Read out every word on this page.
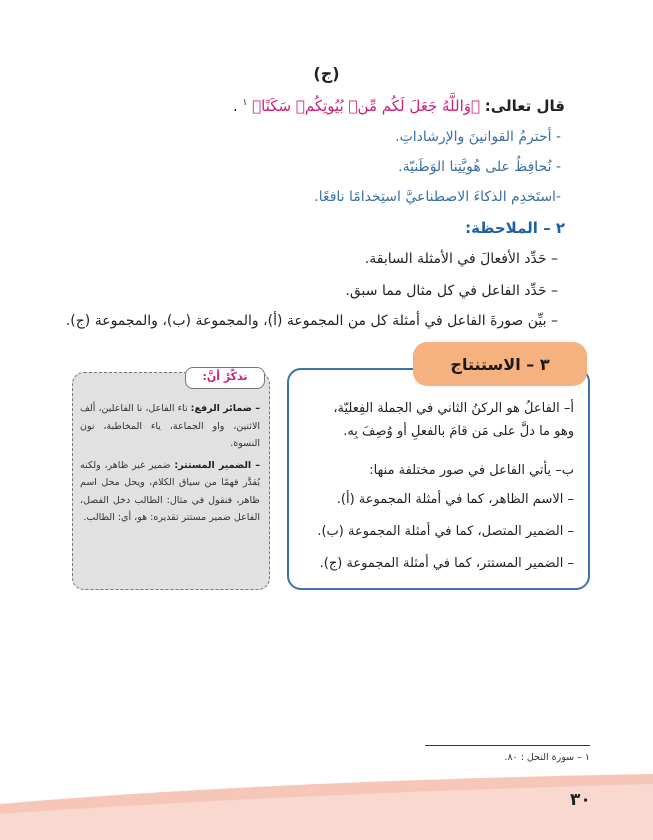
(ج)
قال تعالى: ﴿وَاللَّهُ جَعَلَ لَكُم مِّنۢ بُيُوتِكُمۡ سَكَنًا﴾ $^١$ .
- أحترمُ القوانينَ والإرشاداتِ.
- نُحافِظُ على هُويَّتِنا الوَطَنيّة.
-استَخدِم الذكاءَ الاصطناعيَّ استِخدامًا نافعًا.
٢ – الملاحظة:
– حَدِّد الأفعالَ في الأمثلة السابقة.
– حَدِّد الفاعل في كل مثال مما سبق.
– بيِّن صورةَ الفاعل في أمثلة كل من المجموعة (أ)، والمجموعة (ب)، والمجموعة (ج).
أ– الفاعلُ هو الركنُ الثاني في الجملة الفِعليّة،
وهو ما دلَّ على مَن قامَ بالفعلِ أو وُصِفَ بِه.
ب– يأتي الفاعل في صور مختلفة منها:
– الاسم الظاهر، كما في أمثلة المجموعة (أ).
– الضمير المتصل، كما في أمثلة المجموعة (ب).
– الضمير المستتر، كما في أمثلة المجموعة (ج).
٣ – الاستنتاج
تذكَّرْ أنَّ:

– ضمائر الرفع: تاء الفاعل، نا الفاعلين، ألف الاثنين، واو الجماعة، ياء المخاطبة، نون النسوة.

– الضمير المستتر: ضمير غير ظاهر، ولكنه يُقدَّر فهمًا من سياق الكلام، ويحل محل اسم ظاهر، فنقول في مثال: الطالب دخل الفصل، الفاعل ضمير مستتر تقديره: هو، أي: الطالب.

١ – سورة النحل : ٨٠.
٣٠
